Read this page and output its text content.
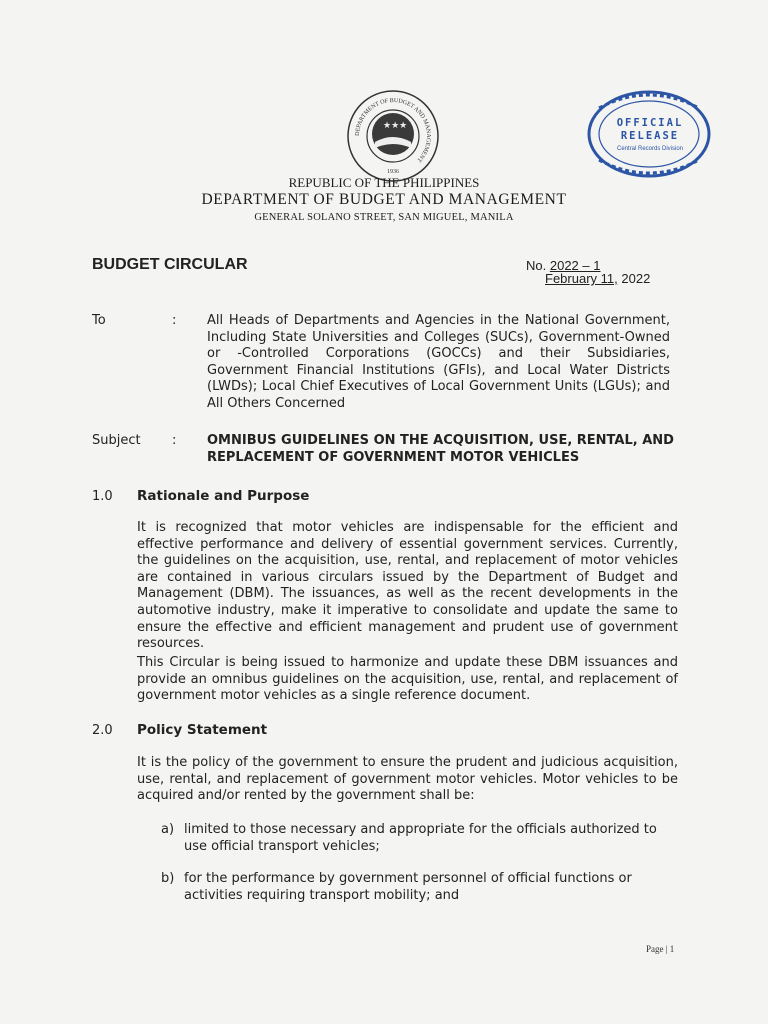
DEPARTMENT OF BUDGET AND MANAGEMENT
★★★
1936
OFFICIAL
RELEASE
Central Records Division
REPUBLIC OF THE PHILIPPINES
DEPARTMENT OF BUDGET AND MANAGEMENT
GENERAL SOLANO STREET, SAN MIGUEL, MANILA
BUDGET CIRCULAR	No. 2022 – 1
February 11, 2022
To	: All Heads of Departments and Agencies in the National Government, Including State Universities and Colleges (SUCs), Government-Owned or -Controlled Corporations (GOCCs) and their Subsidiaries, Government Financial Institutions (GFIs), and Local Water Districts (LWDs); Local Chief Executives of Local Government Units (LGUs); and All Others Concerned
Subject : OMNIBUS GUIDELINES ON THE ACQUISITION, USE, RENTAL, AND REPLACEMENT OF GOVERNMENT MOTOR VEHICLES
1.0 Rationale and Purpose
It is recognized that motor vehicles are indispensable for the efficient and effective performance and delivery of essential government services. Currently, the guidelines on the acquisition, use, rental, and replacement of motor vehicles are contained in various circulars issued by the Department of Budget and Management (DBM). The issuances, as well as the recent developments in the automotive industry, make it imperative to consolidate and update the same to ensure the effective and efficient management and prudent use of government resources.
This Circular is being issued to harmonize and update these DBM issuances and provide an omnibus guidelines on the acquisition, use, rental, and replacement of government motor vehicles as a single reference document.
2.0 Policy Statement
It is the policy of the government to ensure the prudent and judicious acquisition, use, rental, and replacement of government motor vehicles. Motor vehicles to be acquired and/or rented by the government shall be:
a) limited to those necessary and appropriate for the officials authorized to use official transport vehicles;
b) for the performance by government personnel of official functions or activities requiring transport mobility; and
Page | 1
